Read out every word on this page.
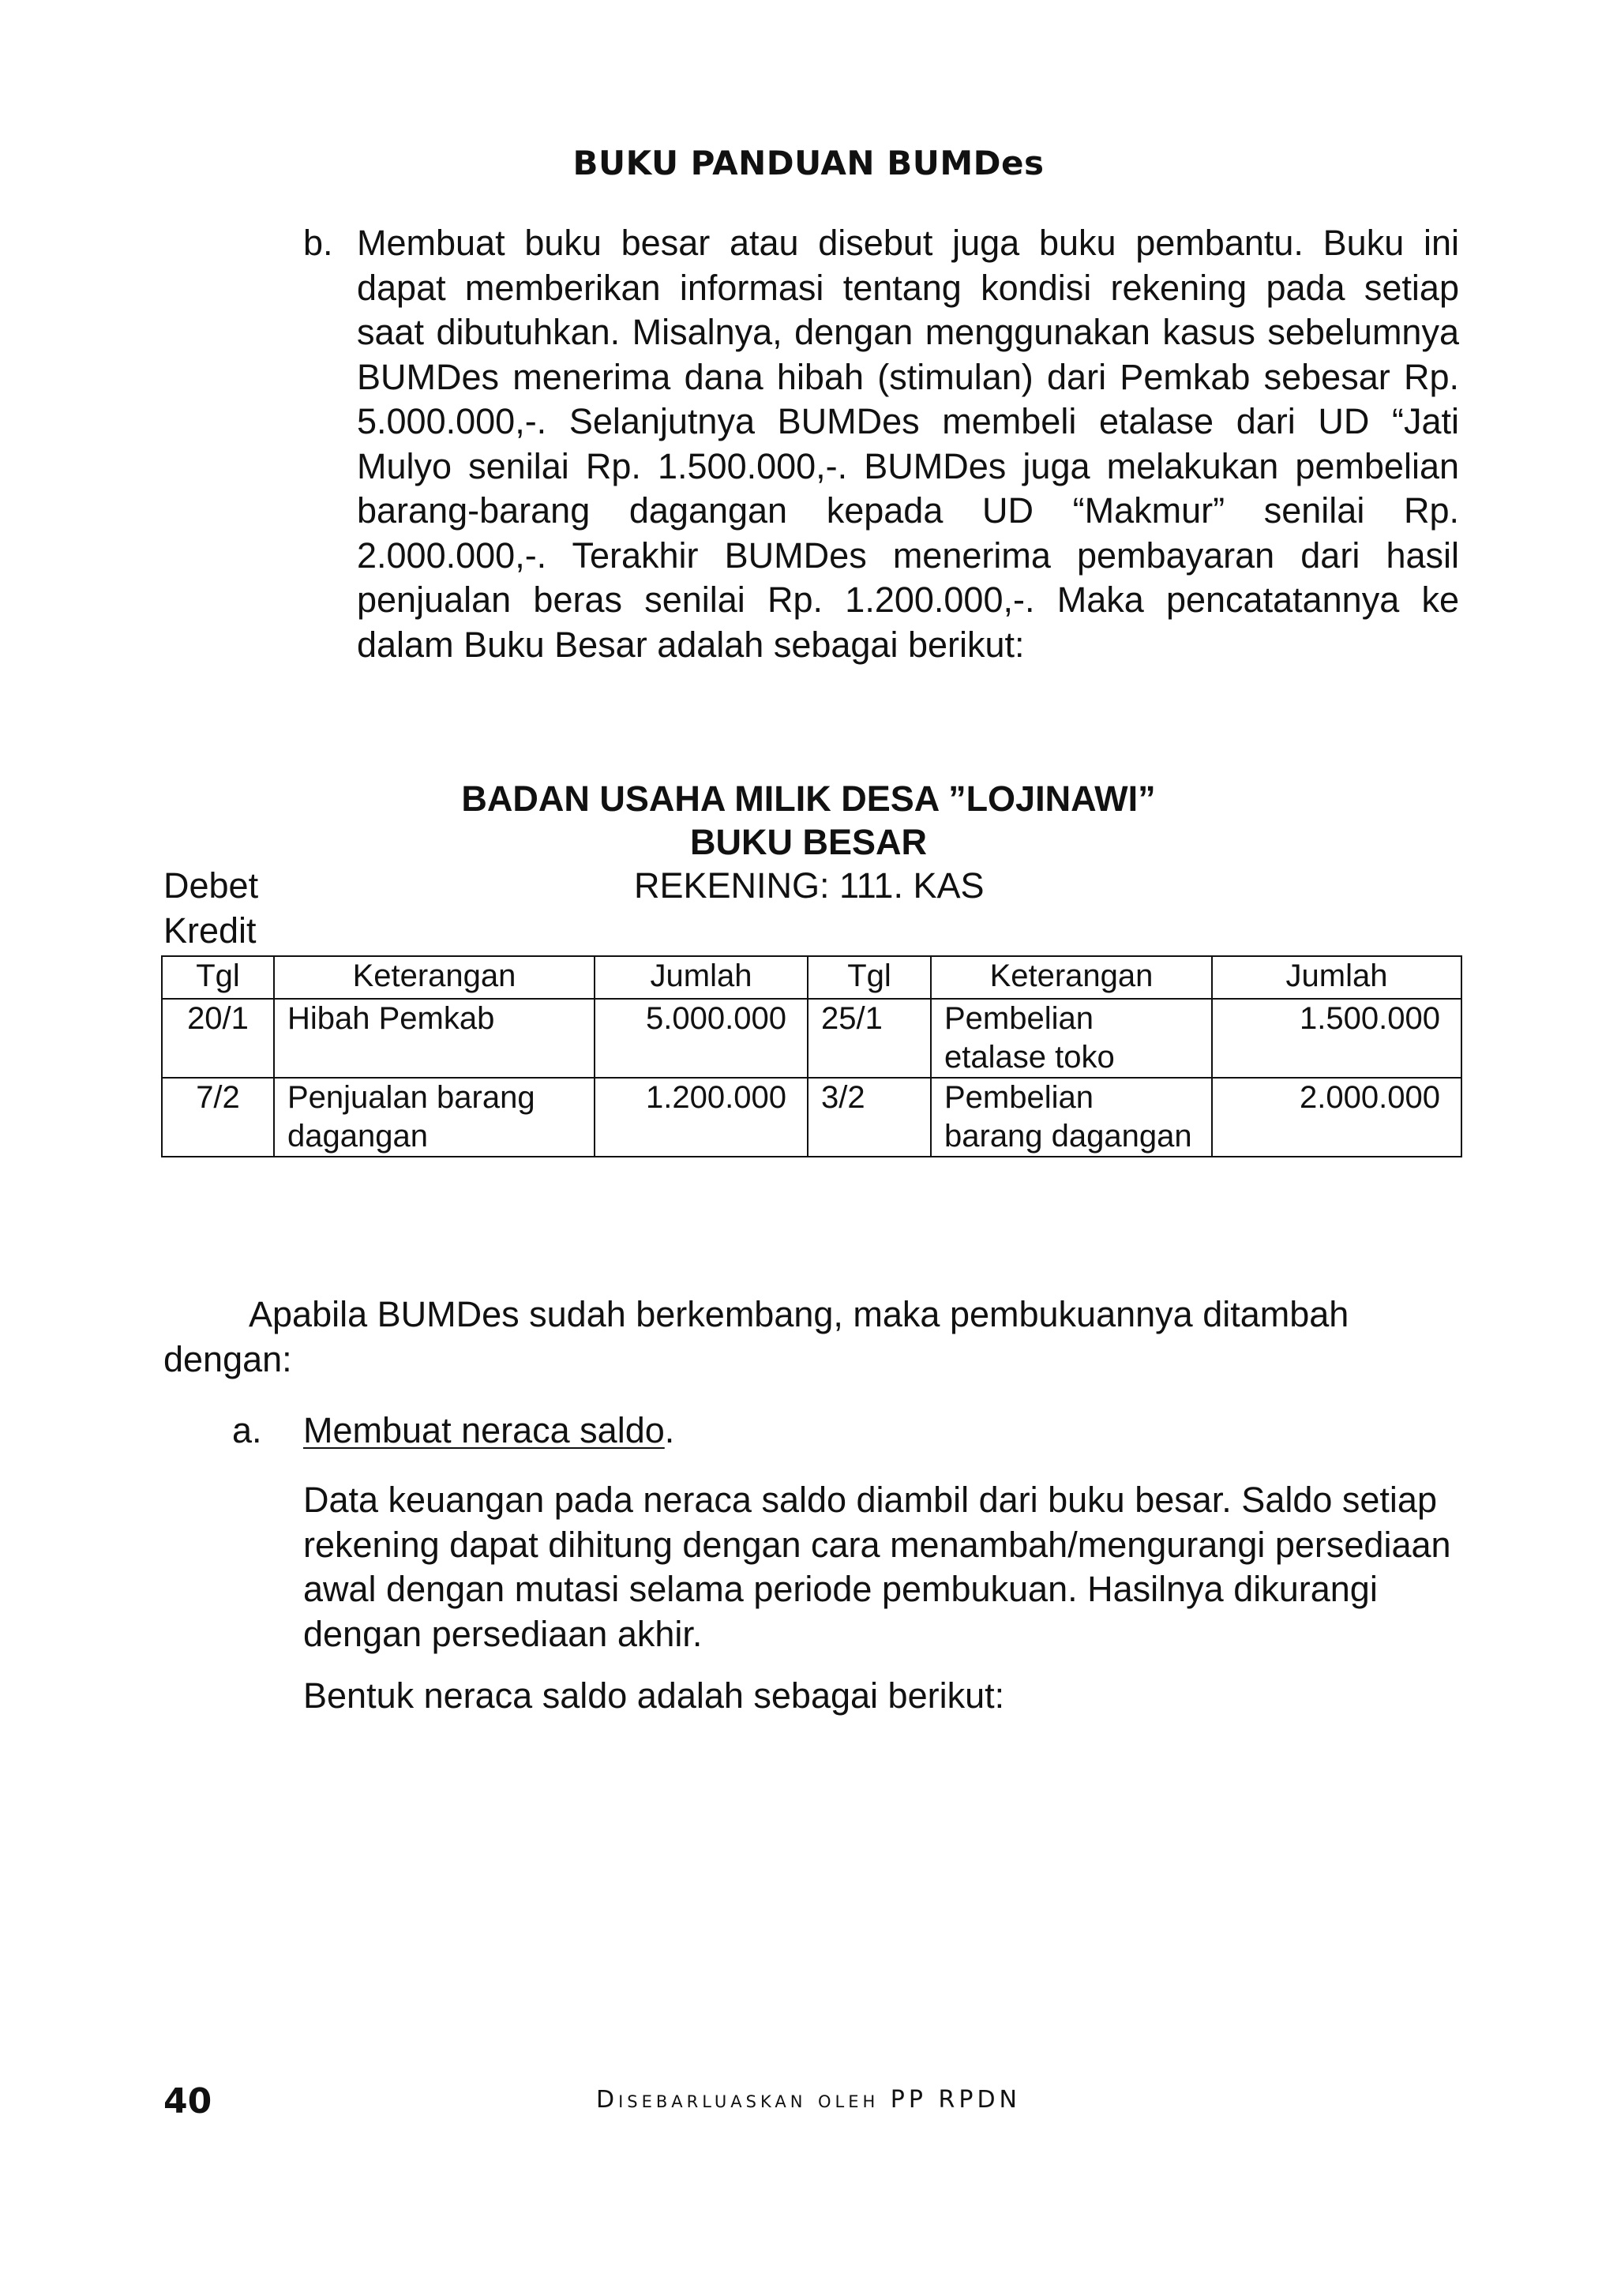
BUKU PANDUAN BUMDes
b. Membuat buku besar atau disebut juga buku pembantu. Buku ini dapat memberikan informasi tentang kondisi rekening pada setiap saat dibutuhkan. Misalnya, dengan menggunakan kasus sebelumnya BUMDes menerima dana hibah (stimulan) dari Pemkab sebesar Rp. 5.000.000,-. Selanjutnya BUMDes membeli etalase dari UD “Jati Mulyo senilai Rp. 1.500.000,-. BUMDes juga melakukan pembelian barang-barang dagangan kepada UD “Makmur” senilai Rp. 2.000.000,-. Terakhir BUMDes menerima pembayaran dari hasil penjualan beras senilai Rp. 1.200.000,-. Maka pencatatannya ke dalam Buku Besar adalah sebagai berikut:
BADAN USAHA MILIK DESA ”LOJINAWI”
BUKU BESAR
Debet
Kredit
REKENING: 111. KAS
Tgl	Keterangan	Jumlah	Tgl	Keterangan	Jumlah
20/1	Hibah Pemkab	5.000.000	25/1	Pembelian etalase toko	1.500.000
7/2	Penjualan barang dagangan	1.200.000	3/2	Pembelian barang dagangan	2.000.000
Apabila BUMDes sudah berkembang, maka pembukuannya ditambah dengan:
a. Membuat neraca saldo.
Data keuangan pada neraca saldo diambil dari buku besar. Saldo setiap rekening dapat dihitung dengan cara menambah/mengurangi persediaan awal dengan mutasi selama periode pembukuan. Hasilnya dikurangi dengan persediaan akhir.
Bentuk neraca saldo adalah sebagai berikut:
40	Disebarluaskan oleh PP RPDN
